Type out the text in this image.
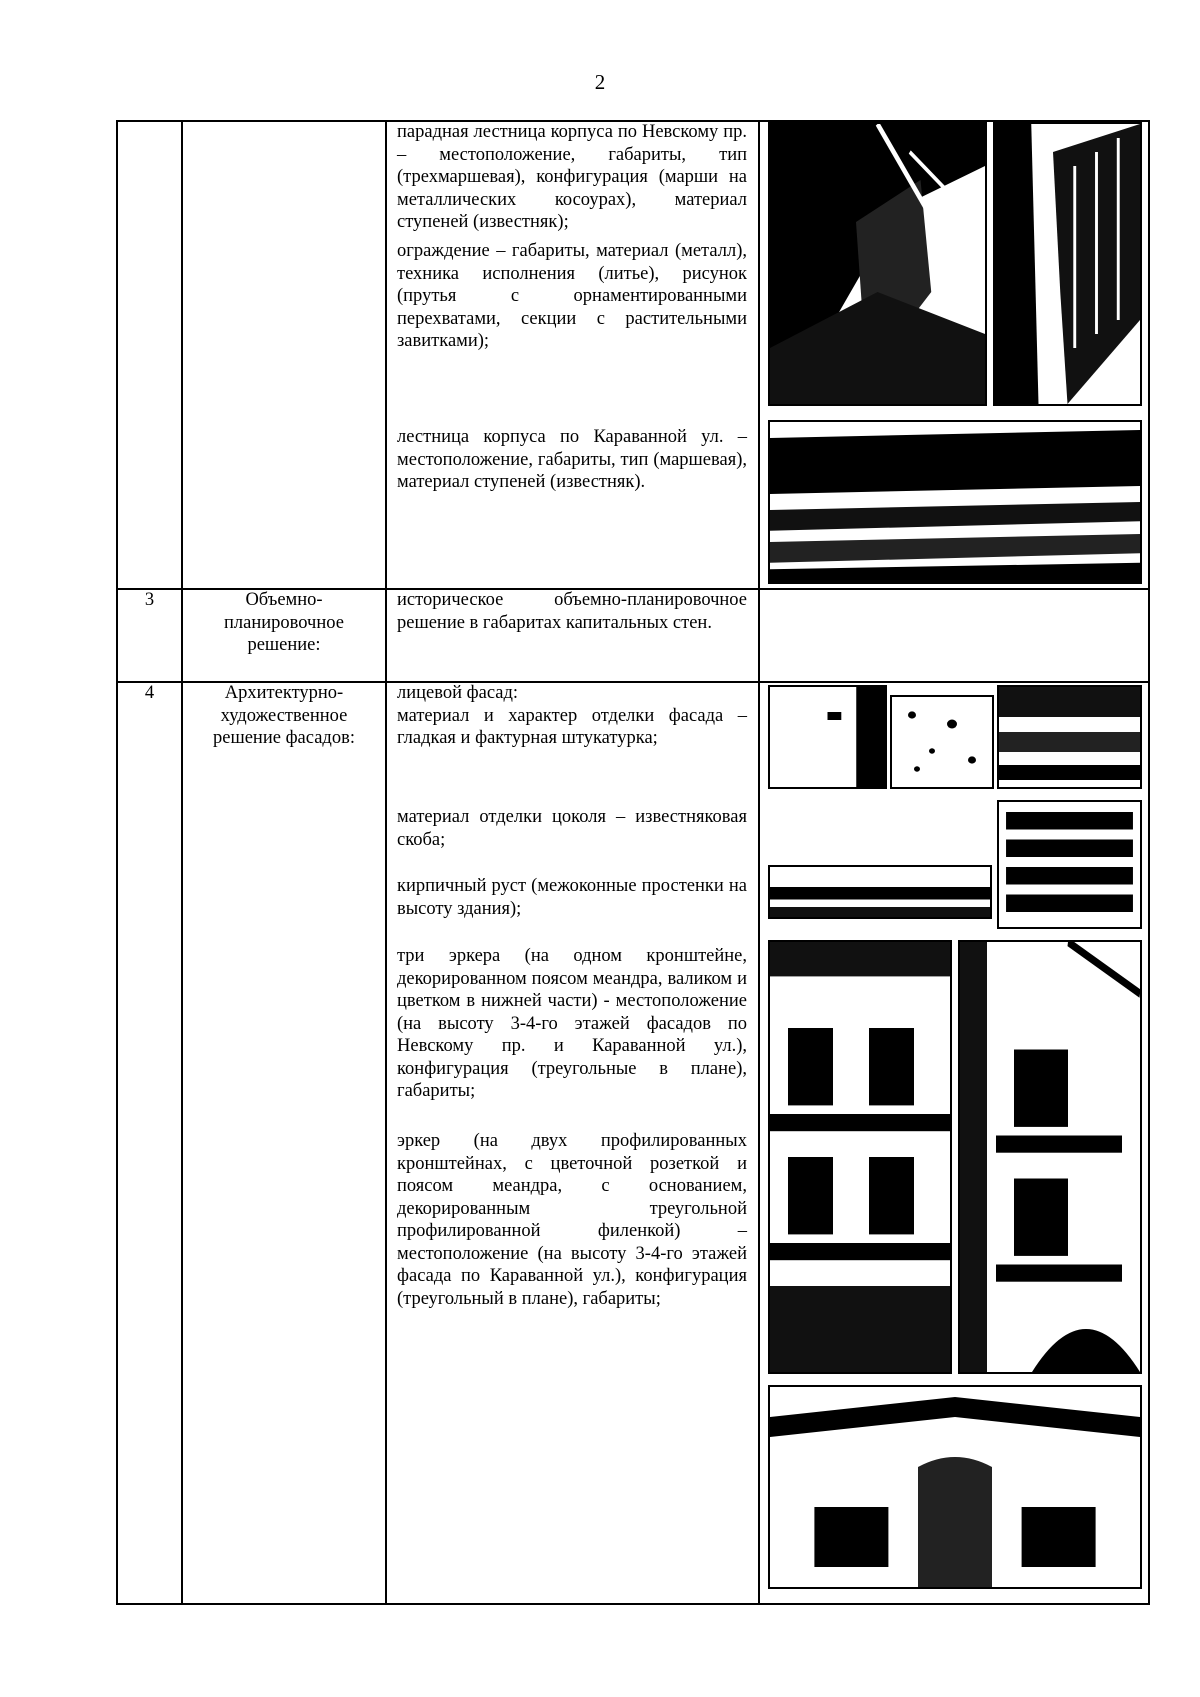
2
парадная лестница корпуса по Невскому пр. – местоположение, габариты, тип (трехмаршевая), конфигурация (марши на металлических косоурах), материал ступеней (известняк);
ограждение – габариты, материал (металл), техника исполнения (литье), рисунок (прутья с орнаментированными перехватами, секции с растительными завитками);
лестница корпуса по Караванной ул. – местоположение, габариты, тип (маршевая), материал ступеней (известняк).
3	Объемно-планировочное решение:
историческое объемно-планировочное решение в габаритах капитальных стен.
4	Архитектурно-художественное решение фасадов:
лицевой фасад:
материал и характер отделки фасада – гладкая и фактурная штукатурка;
материал отделки цоколя – известняковая скоба;
кирпичный руст (межоконные простенки на высоту здания);
три эркера (на одном кронштейне, декорированном поясом меандра, валиком и цветком в нижней части) - местоположение (на высоту 3-4-го этажей фасадов по Невскому пр. и Караванной ул.), конфигурация (треугольные в плане), габариты;
эркер (на двух профилированных кронштейнах, с цветочной розеткой и поясом меандра, с основанием, декорированным треугольной профилированной филенкой) – местоположение (на высоту 3-4-го этажей фасада по Караванной ул.), конфигурация (треугольный в плане), габариты;
